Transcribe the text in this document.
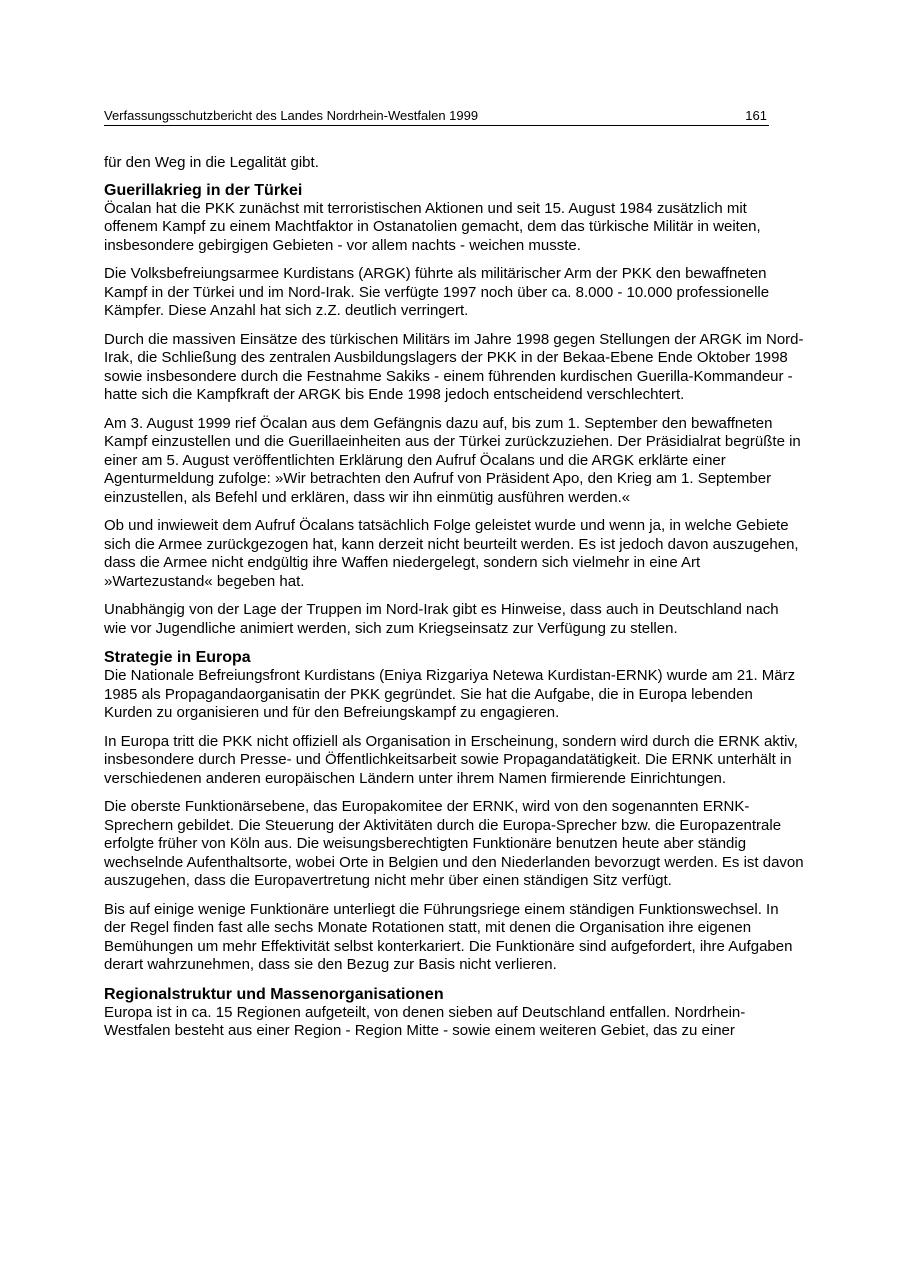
Verfassungsschutzbericht des Landes Nordrhein-Westfalen 1999	161

für den Weg in die Legalität gibt.

Guerillakrieg in der Türkei

Öcalan hat die PKK zunächst mit terroristischen Aktionen und seit 15. August 1984 zusätzlich mit offenem Kampf zu einem Machtfaktor in Ostanatolien gemacht, dem das türkische Militär in weiten, insbesondere gebirgigen Gebieten - vor allem nachts - weichen musste.

Die Volksbefreiungsarmee Kurdistans (ARGK) führte als militärischer Arm der PKK den bewaffneten Kampf in der Türkei und im Nord-Irak. Sie verfügte 1997 noch über ca. 8.000 - 10.000 professionelle Kämpfer. Diese Anzahl hat sich z.Z. deutlich verringert.

Durch die massiven Einsätze des türkischen Militärs im Jahre 1998 gegen Stellungen der ARGK im Nord-Irak, die Schließung des zentralen Ausbildungslagers der PKK in der Bekaa-Ebene Ende Oktober 1998 sowie insbesondere durch die Festnahme Sakiks - einem führenden kurdischen Guerilla-Kommandeur - hatte sich die Kampfkraft der ARGK bis Ende 1998 jedoch entscheidend verschlechtert.

Am 3. August 1999 rief Öcalan aus dem Gefängnis dazu auf, bis zum 1. September den bewaffneten Kampf einzustellen und die Guerillaeinheiten aus der Türkei zurückzuziehen. Der Präsidialrat begrüßte in einer am 5. August veröffentlichten Erklärung den Aufruf Öcalans und die ARGK erklärte einer Agenturmeldung zufolge: »Wir betrachten den Aufruf von Präsident Apo, den Krieg am 1. September einzustellen, als Befehl und erklären, dass wir ihn einmütig ausführen werden.«

Ob und inwieweit dem Aufruf Öcalans tatsächlich Folge geleistet wurde und wenn ja, in welche Gebiete sich die Armee zurückgezogen hat, kann derzeit nicht beurteilt werden. Es ist jedoch davon auszugehen, dass die Armee nicht endgültig ihre Waffen niedergelegt, sondern sich vielmehr in eine Art »Wartezustand« begeben hat.

Unabhängig von der Lage der Truppen im Nord-Irak gibt es Hinweise, dass auch in Deutschland nach wie vor Jugendliche animiert werden, sich zum Kriegseinsatz zur Verfügung zu stellen.

Strategie in Europa

Die Nationale Befreiungsfront Kurdistans (Eniya Rizgariya Netewa Kurdistan-ERNK) wurde am 21. März 1985 als Propagandaorganisatin der PKK gegründet. Sie hat die Aufgabe, die in Europa lebenden Kurden zu organisieren und für den Befreiungskampf zu engagieren.

In Europa tritt die PKK nicht offiziell als Organisation in Erscheinung, sondern wird durch die ERNK aktiv, insbesondere durch Presse- und Öffentlichkeitsarbeit sowie Propagandatätigkeit. Die ERNK unterhält in verschiedenen anderen europäischen Ländern unter ihrem Namen firmierende Einrichtungen.

Die oberste Funktionärsebene, das Europakomitee der ERNK, wird von den sogenannten ERNK-Sprechern gebildet. Die Steuerung der Aktivitäten durch die Europa-Sprecher bzw. die Europazentrale erfolgte früher von Köln aus. Die weisungsberechtigten Funktionäre benutzen heute aber ständig wechselnde Aufenthaltsorte, wobei Orte in Belgien und den Niederlanden bevorzugt werden. Es ist davon auszugehen, dass die Europavertretung nicht mehr über einen ständigen Sitz verfügt.

Bis auf einige wenige Funktionäre unterliegt die Führungsriege einem ständigen Funktionswechsel. In der Regel finden fast alle sechs Monate Rotationen statt, mit denen die Organisation ihre eigenen Bemühungen um mehr Effektivität selbst konterkariert. Die Funktionäre sind aufgefordert, ihre Aufgaben derart wahrzunehmen, dass sie den Bezug zur Basis nicht verlieren.

Regionalstruktur und Massenorganisationen

Europa ist in ca. 15 Regionen aufgeteilt, von denen sieben auf Deutschland entfallen. Nordrhein-Westfalen besteht aus einer Region - Region Mitte - sowie einem weiteren Gebiet, das zu einer
